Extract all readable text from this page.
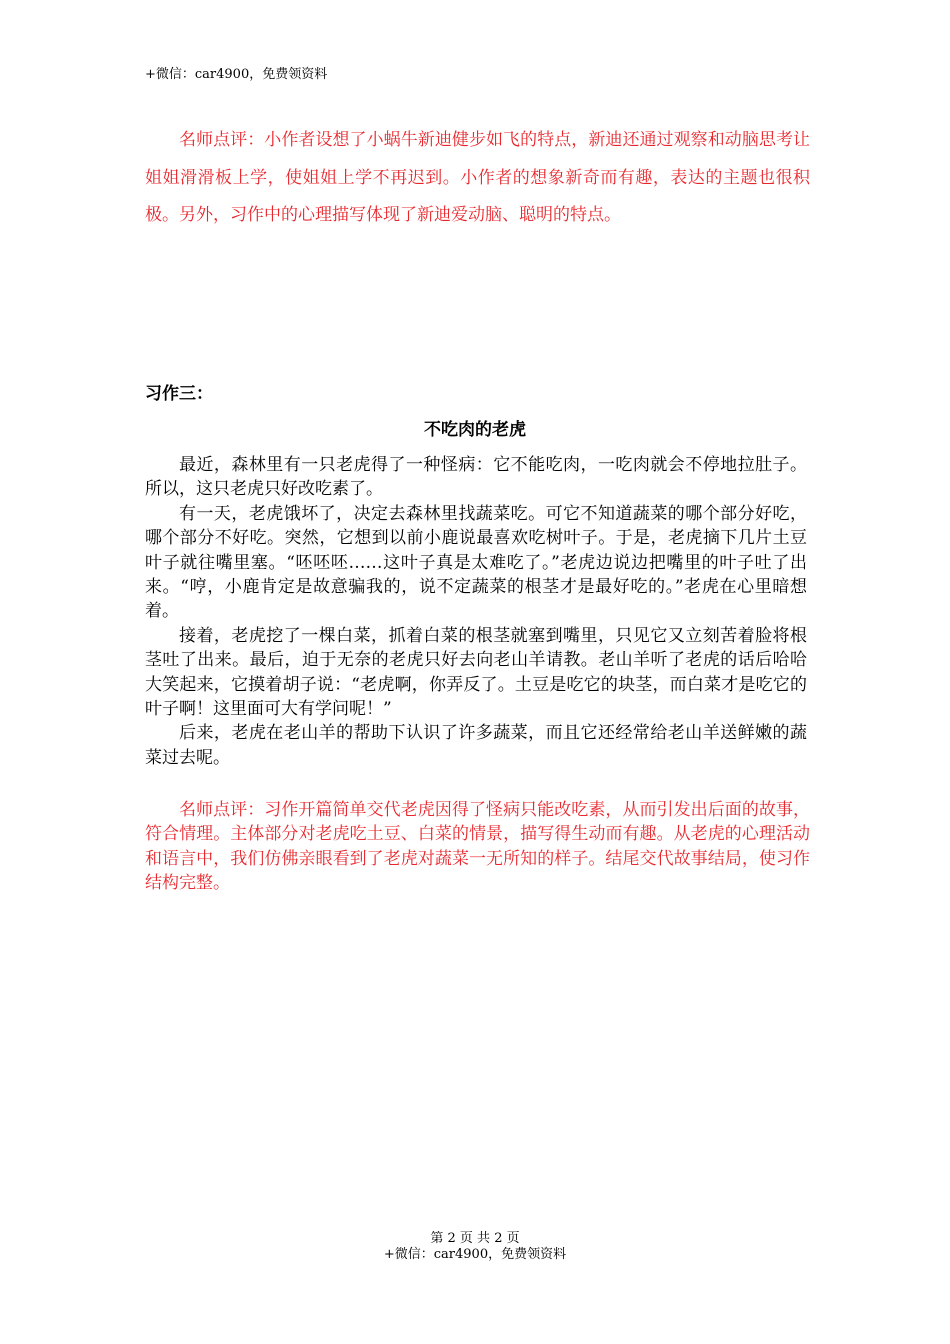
+微信：car4900，免费领资料

名师点评：小作者设想了小蜗牛新迪健步如飞的特点，新迪还通过观察和动脑思考让姐姐滑滑板上学，使姐姐上学不再迟到。小作者的想象新奇而有趣，表达的主题也很积极。另外，习作中的心理描写体现了新迪爱动脑、聪明的特点。

习作三：
不吃肉的老虎

最近，森林里有一只老虎得了一种怪病：它不能吃肉，一吃肉就会不停地拉肚子。所以，这只老虎只好改吃素了。

有一天，老虎饿坏了，决定去森林里找蔬菜吃。可它不知道蔬菜的哪个部分好吃，哪个部分不好吃。突然，它想到以前小鹿说最喜欢吃树叶子。于是，老虎摘下几片土豆叶子就往嘴里塞。“呸呸呸……这叶子真是太难吃了。”老虎边说边把嘴里的叶子吐了出来。“哼，小鹿肯定是故意骗我的，说不定蔬菜的根茎才是最好吃的。”老虎在心里暗想着。

接着，老虎挖了一棵白菜，抓着白菜的根茎就塞到嘴里，只见它又立刻苦着脸将根茎吐了出来。最后，迫于无奈的老虎只好去向老山羊请教。老山羊听了老虎的话后哈哈大笑起来，它摸着胡子说：“老虎啊，你弄反了。土豆是吃它的块茎，而白菜才是吃它的叶子啊！这里面可大有学问呢！”

后来，老虎在老山羊的帮助下认识了许多蔬菜，而且它还经常给老山羊送鲜嫩的蔬菜过去呢。

名师点评：习作开篇简单交代老虎因得了怪病只能改吃素，从而引发出后面的故事，符合情理。主体部分对老虎吃土豆、白菜的情景，描写得生动而有趣。从老虎的心理活动和语言中，我们仿佛亲眼看到了老虎对蔬菜一无所知的样子。结尾交代故事结局，使习作结构完整。

第 2 页 共 2 页
+微信：car4900，免费领资料
